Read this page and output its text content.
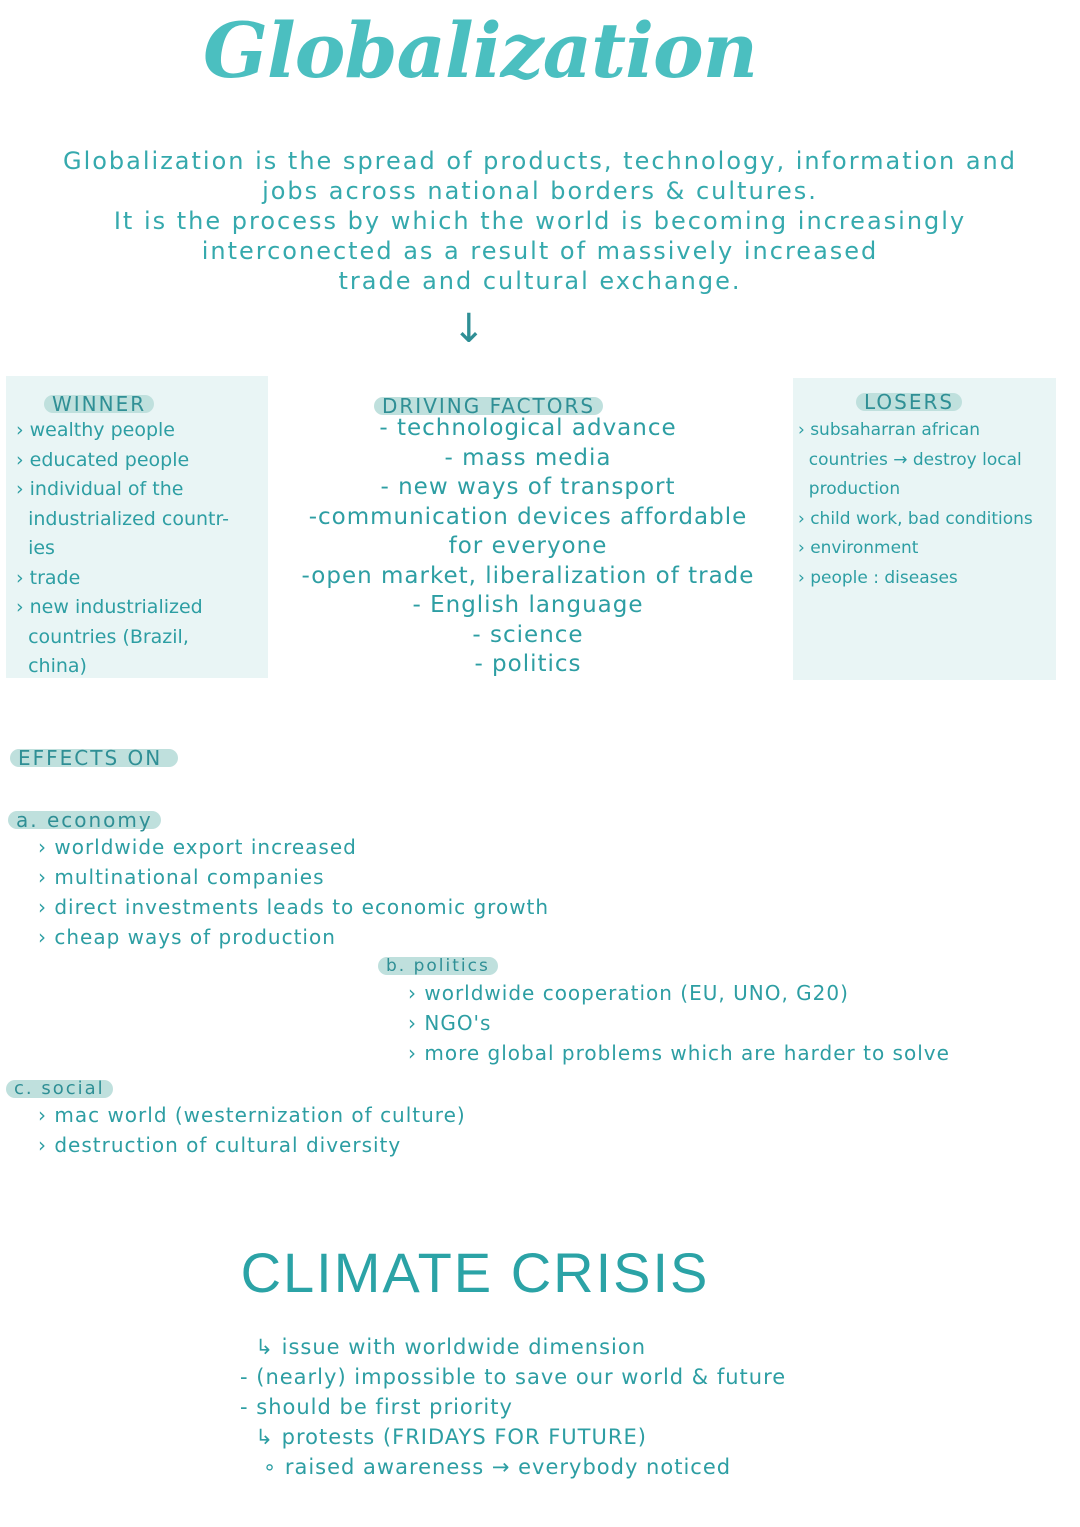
Globalization
Globalization is the spread of products, technology, information and
jobs across national borders & cultures.
It is the process by which the world is becoming increasingly
interconected as a result of massively increased
trade and cultural exchange.
↓
WINNER
› wealthy people
› educated people
› individual of the
industrialized countr-
ies
› trade
› new industrialized
countries (Brazil,
china)
DRIVING FACTORS
- technological advance
- mass media
- new ways of transport
-communication devices affordable
for everyone
-open market, liberalization of trade
- English language
- science
- politics
LOSERS
› subsaharran african
countries → destroy local
production
› child work, bad conditions
› environment
› people : diseases
EFFECTS ON
a. economy
› worldwide export increased
› multinational companies
› direct investments leads to economic growth
› cheap ways of production
b. politics
› worldwide cooperation (EU, UNO, G20)
› NGO's
› more global problems which are harder to solve
c. social
› mac world (westernization of culture)
› destruction of cultural diversity
CLIMATE CRISIS
↳ issue with worldwide dimension
- (nearly) impossible to save our world & future
- should be first priority
↳ protests (FRIDAYS FOR FUTURE)
∘ raised awareness → everybody noticed
